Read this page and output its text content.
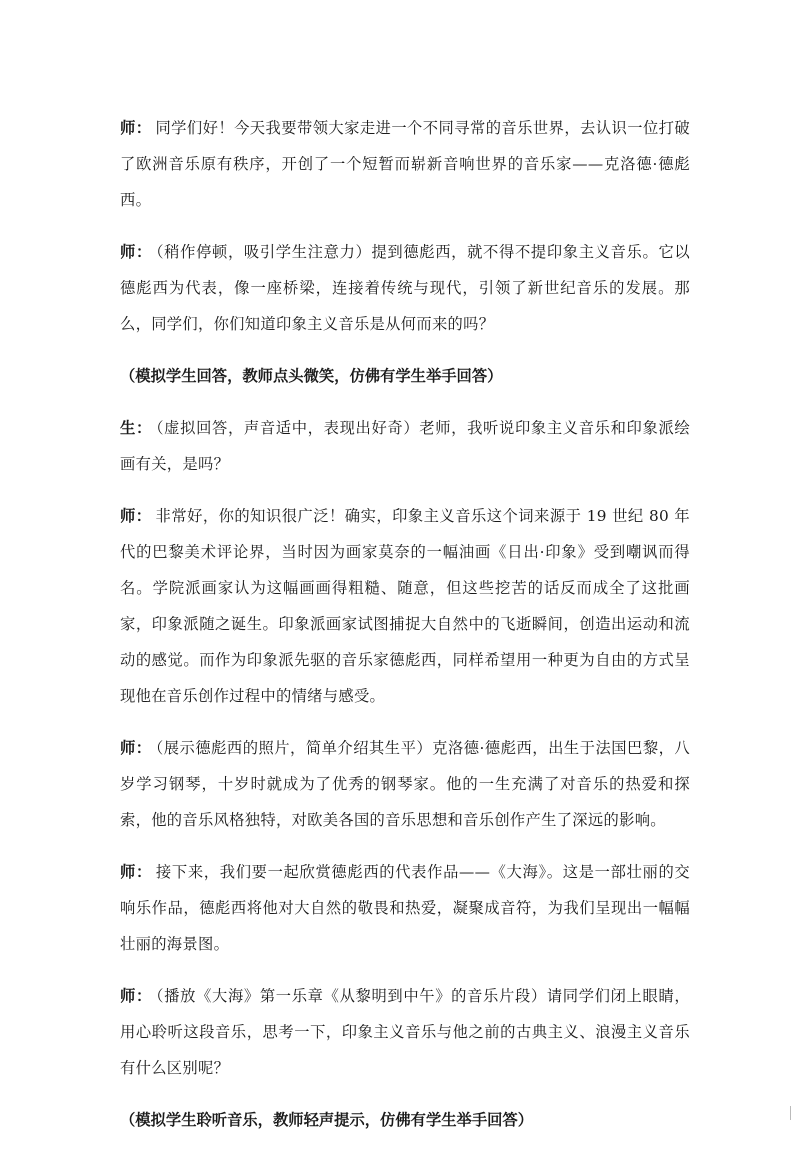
师： 同学们好！今天我要带领大家走进一个不同寻常的音乐世界，去认识一位打破了欧洲音乐原有秩序，开创了一个短暂而崭新音响世界的音乐家——克洛德·德彪西。

师： （稍作停顿，吸引学生注意力）提到德彪西，就不得不提印象主义音乐。它以德彪西为代表，像一座桥梁，连接着传统与现代，引领了新世纪音乐的发展。那么，同学们，你们知道印象主义音乐是从何而来的吗？

（模拟学生回答，教师点头微笑，仿佛有学生举手回答）

生： （虚拟回答，声音适中，表现出好奇）老师，我听说印象主义音乐和印象派绘画有关，是吗？

师： 非常好，你的知识很广泛！确实，印象主义音乐这个词来源于 19 世纪 80 年代的巴黎美术评论界，当时因为画家莫奈的一幅油画《日出·印象》受到嘲讽而得名。学院派画家认为这幅画画得粗糙、随意，但这些挖苦的话反而成全了这批画家，印象派随之诞生。印象派画家试图捕捉大自然中的飞逝瞬间，创造出运动和流动的感觉。而作为印象派先驱的音乐家德彪西，同样希望用一种更为自由的方式呈现他在音乐创作过程中的情绪与感受。

师： （展示德彪西的照片，简单介绍其生平）克洛德·德彪西，出生于法国巴黎，八岁学习钢琴，十岁时就成为了优秀的钢琴家。他的一生充满了对音乐的热爱和探索，他的音乐风格独特，对欧美各国的音乐思想和音乐创作产生了深远的影响。

师： 接下来，我们要一起欣赏德彪西的代表作品——《大海》。这是一部壮丽的交响乐作品，德彪西将他对大自然的敬畏和热爱，凝聚成音符，为我们呈现出一幅幅壮丽的海景图。

师： （播放《大海》第一乐章《从黎明到中午》的音乐片段）请同学们闭上眼睛，用心聆听这段音乐，思考一下，印象主义音乐与他之前的古典主义、浪漫主义音乐有什么区别呢？

（模拟学生聆听音乐，教师轻声提示，仿佛有学生举手回答）
